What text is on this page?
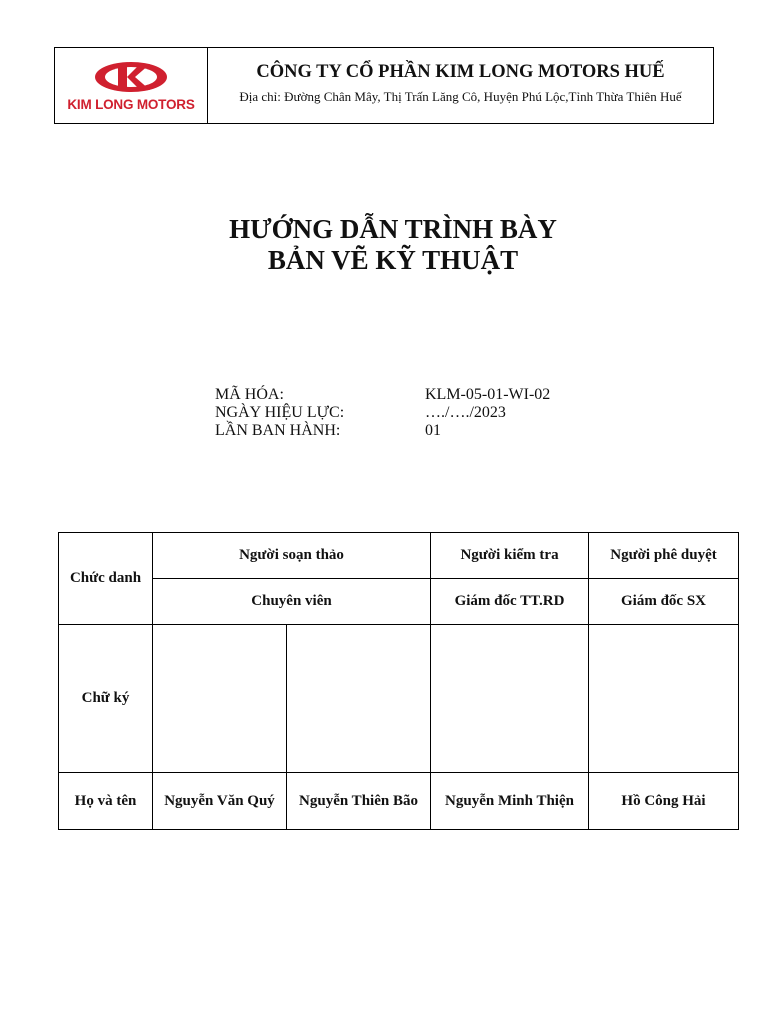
KIM LONG MOTORS
CÔNG TY CỔ PHẦN KIM LONG MOTORS HUẾ
Địa chỉ: Đường Chân Mây, Thị Trấn Lăng Cô, Huyện Phú Lộc,Tỉnh Thừa Thiên Huế
HƯỚNG DẪN TRÌNH BÀY
BẢN VẼ KỸ THUẬT
MÃ HÓA:	KLM-05-01-WI-02
NGÀY HIỆU LỰC:	…./…./2023
LẦN BAN HÀNH:	01
Chức danh	Người soạn thảo		Người kiểm tra	Người phê duyệt
	Chuyên viên		Giám đốc TT.RD	Giám đốc SX
Chữ ký				
Họ và tên	Nguyễn Văn Quý	Nguyễn Thiên Bão	Nguyễn Minh Thiện	Hồ Công Hải
